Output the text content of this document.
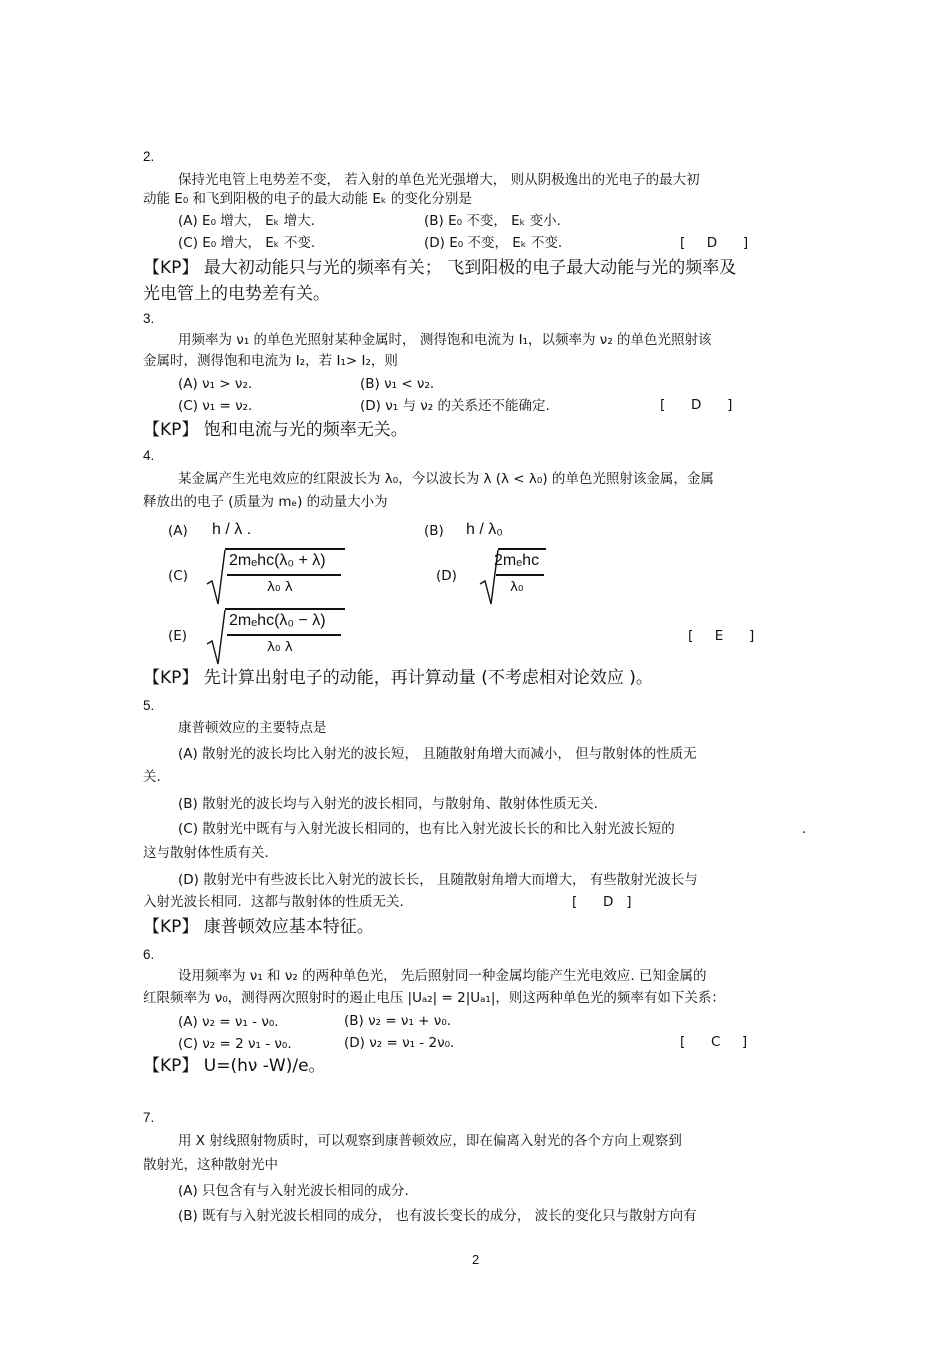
2.
保持光电管上电势差不变， 若入射的单色光光强增大， 则从阴极逸出的光电子的最大初
动能 E₀ 和飞到阳极的电子的最大动能 Eₖ 的变化分别是
(A) E₀ 增大， Eₖ 增大.	(B) E₀ 不变， Eₖ 变小.
(C) E₀ 增大， Eₖ 不变.	(D) E₀ 不变， Eₖ 不变.	[     D      ]
【KP】 最大初动能只与光的频率有关； 飞到阳极的电子最大动能与光的频率及
光电管上的电势差有关。
3.
用频率为 ν₁ 的单色光照射某种金属时， 测得饱和电流为 I₁，以频率为 ν₂ 的单色光照射该
金属时，测得饱和电流为 I₂，若 I₁> I₂，则
(A) ν₁ > ν₂.	(B) ν₁ < ν₂.
(C) ν₁ = ν₂.	(D) ν₁ 与 ν₂ 的关系还不能确定.	[      D      ]
【KP】 饱和电流与光的频率无关。
4.
某金属产生光电效应的红限波长为 λ₀，今以波长为 λ (λ < λ₀) 的单色光照射该金属，金属
释放出的电子 (质量为 mₑ) 的动量大小为
(A) h / λ .	(B) h / λ₀
(C)
2mₑhc(λ₀ + λ)
λ₀ λ
(D)
2mₑhc
λ₀
(E)
2mₑhc(λ₀ − λ)
λ₀ λ
[     E      ]
【KP】 先计算出射电子的动能，再计算动量 (不考虑相对论效应 )。
5.
康普顿效应的主要特点是
(A) 散射光的波长均比入射光的波长短， 且随散射角增大而减小， 但与散射体的性质无
关.
(B) 散射光的波长均与入射光的波长相同，与散射角、散射体性质无关.
(C) 散射光中既有与入射光波长相同的，也有比入射光波长长的和比入射光波长短的	.
这与散射体性质有关.
(D) 散射光中有些波长比入射光的波长长， 且随散射角增大而增大， 有些散射光波长与
入射光波长相同．这都与散射体的性质无关.	[      D   ]
【KP】 康普顿效应基本特征。
6.
设用频率为 ν₁ 和 ν₂ 的两种单色光， 先后照射同一种金属均能产生光电效应. 已知金属的
红限频率为 ν₀，测得两次照射时的遏止电压 |Uₐ₂| = 2|Uₐ₁|，则这两种单色光的频率有如下关系：
(A) ν₂ = ν₁ - ν₀.	(B) ν₂ = ν₁ + ν₀.
(C) ν₂ = 2 ν₁ - ν₀.	(D) ν₂ = ν₁ - 2ν₀.	[      C     ]
【KP】 U=(hν -W)/e。
7.
用 X 射线照射物质时，可以观察到康普顿效应，即在偏离入射光的各个方向上观察到
散射光，这种散射光中
(A) 只包含有与入射光波长相同的成分.
(B) 既有与入射光波长相同的成分， 也有波长变长的成分， 波长的变化只与散射方向有
2
